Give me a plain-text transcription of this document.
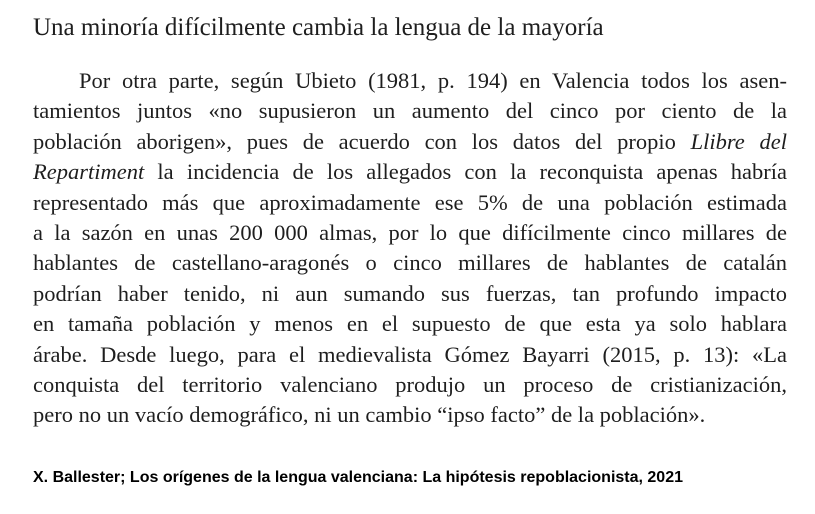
Una minoría difícilmente cambia la lengua de la mayoría
Por otra parte, según Ubieto (1981, p. 194) en Valencia todos los asen-
tamientos juntos «no supusieron un aumento del cinco por ciento de la
población aborigen», pues de acuerdo con los datos del propio Llibre del
Repartiment la incidencia de los allegados con la reconquista apenas habría
representado más que aproximadamente ese 5% de una población estimada
a la sazón en unas 200 000 almas, por lo que difícilmente cinco millares de
hablantes de castellano-aragonés o cinco millares de hablantes de catalán
podrían haber tenido, ni aun sumando sus fuerzas, tan profundo impacto
en tamaña población y menos en el supuesto de que esta ya solo hablara
árabe. Desde luego, para el medievalista Gómez Bayarri (2015, p. 13): «La
conquista del territorio valenciano produjo un proceso de cristianización,
pero no un vacío demográfico, ni un cambio “ipso facto” de la población».

X. Ballester; Los orígenes de la lengua valenciana: La hipótesis repoblacionista, 2021
